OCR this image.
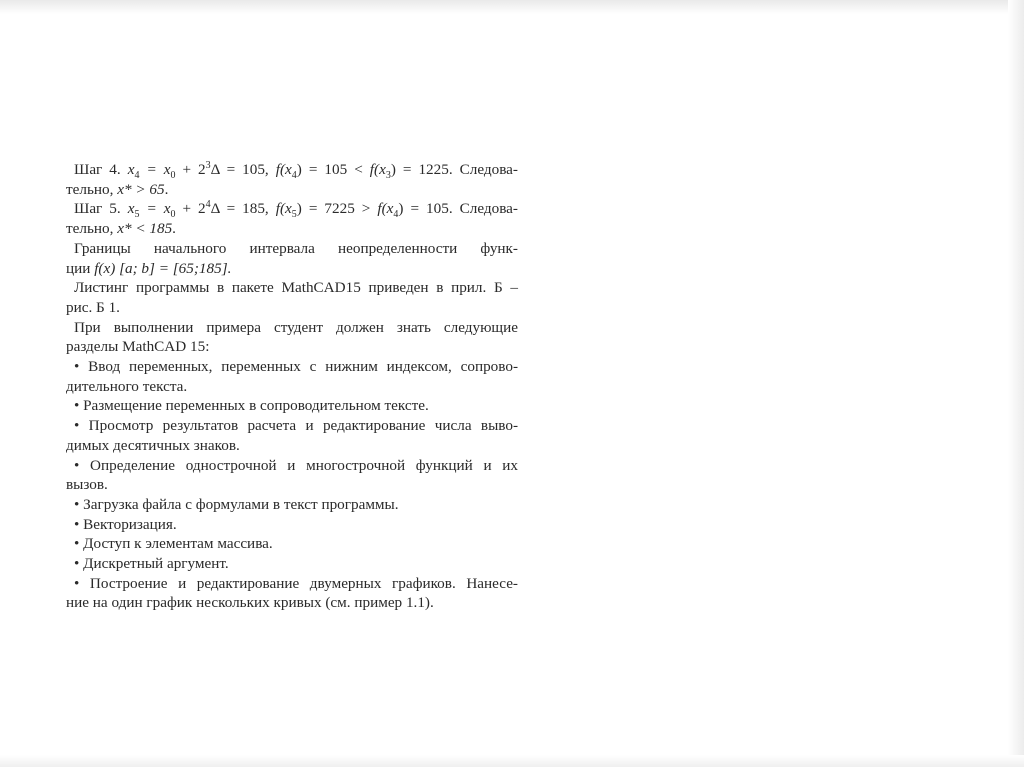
Шаг 4. $x_4 = x_0 + 2^3\Delta = 105$, $f(x_4) = 105 < f(x_3) = 1225$. Следова-
тельно, x* > 65.

Шаг 5. $x_5 = x_0 + 2^4\Delta = 185$, $f(x_5) = 7225 > f(x_4) = 105$. Следова-
тельно, x* < 185.

Границы начального интервала неопределенности функ-
ции f(x) [a; b] = [65;185].

Листинг программы в пакете MathCAD15 приведен в прил. Б –
рис. Б 1.

При выполнении примера студент должен знать следующие
разделы MathCAD 15:

• Ввод переменных, переменных с нижним индексом, сопрово-
дительного текста.

• Размещение переменных в сопроводительном тексте.

• Просмотр результатов расчета и редактирование числа выво-
димых десятичных знаков.

• Определение однострочной и многострочной функций и их
вызов.

• Загрузка файла с формулами в текст программы.

• Векторизация.

• Доступ к элементам массива.

• Дискретный аргумент.

• Построение и редактирование двумерных графиков. Нанесе-
ние на один график нескольких кривых (см. пример 1.1).
